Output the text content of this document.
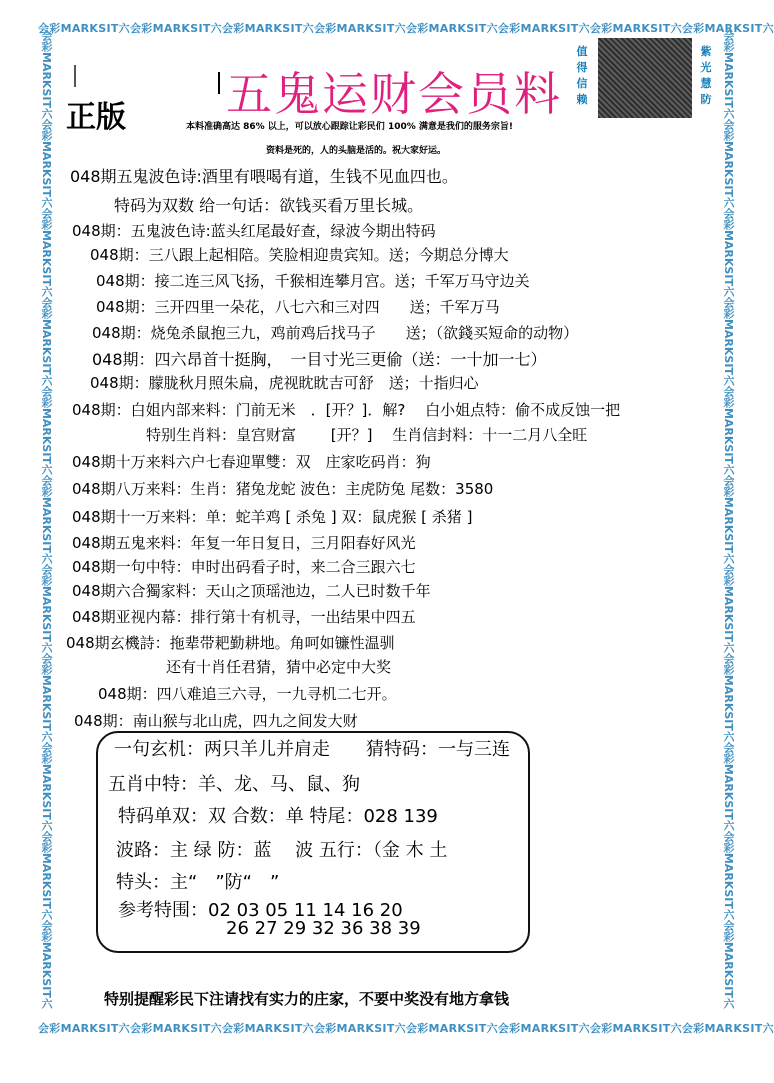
会彩MARKSIT六会彩MARKSIT六会彩MARKSIT六会彩MARKSIT六会彩MARKSIT六会彩MARKSIT六会彩MARKSIT六会彩MARKSIT六
会彩MARKSIT六会彩MARKSIT六会彩MARKSIT六会彩MARKSIT六会彩MARKSIT六会彩MARKSIT六会彩MARKSIT六会彩MARKSIT六
会彩MARKSIT六会彩MARKSIT六会彩MARKSIT六会彩MARKSIT六会彩MARKSIT六会彩MARKSIT六会彩MARKSIT六会彩MARKSIT六会彩MARKSIT六会彩MARKSIT六会彩MARKSIT六
会彩MARKSIT六会彩MARKSIT六会彩MARKSIT六会彩MARKSIT六会彩MARKSIT六会彩MARKSIT六会彩MARKSIT六会彩MARKSIT六会彩MARKSIT六会彩MARKSIT六会彩MARKSIT六
五鬼运财会员料
正版
值得信赖
紫光慧防
本料准确高达 86% 以上，可以放心跟踪让彩民们 100% 满意是我们的服务宗旨!
资料是死的，人的头脑是活的。祝大家好运。
048期五鬼波色诗:酒里有喂喝有道，生钱不见血四也。
特码为双数 给一句话：欲钱买看万里长城。
048期：五鬼波色诗:蓝头红尾最好查，绿波今期出特码
048期：三八跟上起相陪。笑脸相迎贵宾知。送；今期总分博大
048期：接二连三风飞扬，千猴相连攀月宫。送；千军万马守边关
048期：三开四里一朵花，八七六和三对四　　送；千军万马
048期：烧兔杀鼠抱三九，鸡前鸡后找马子　　送；（欲錢买短命的动物）
048期：四六昂首十挺胸，　一目寸光三更偷（送：一十加一七）
048期：朦胧秋月照朱扁，虎视眈眈吉可舒　送；十指归心
048期：白姐内部来料：门前无米　．[开？]．解?　 白小姐点特：偷不成反蚀一把
特别生肖料：皇宫财富　　 [开？]　 生肖信封料：十一二月八全旺
048期十万来料六户七春迎單雙：双　庄家吃码肖：狗
048期八万来料：生肖：猪兔龙蛇 波色：主虎防兔 尾数：3580
048期十一万来料：单：蛇羊鸡 [ 杀兔 ] 双：鼠虎猴 [ 杀猪 ]
048期五鬼来料：年复一年日复日，三月阳春好风光
048期一句中特：申时出码看子时，来二合三跟六七
048期六合獨家料：天山之顶瑶池边，二人已时数千年
048期亚视内幕：排行第十有机寻，一出结果中四五
048期玄機詩：拖辈带耙勤耕地。角呵如镰性温驯
还有十肖任君猜，猜中必定中大奖
048期：四八难追三六寻，一九寻机二七开。
048期：南山猴与北山虎，四九之间发大财
一句玄机：两只羊儿并肩走　　猜特码：一与三连
五肖中特：羊、龙、马、鼠、狗
特码单双：双 合数：单 特尾：028 139
波路：主 绿 防：蓝　 波 五行：（金 木 土
特头：主“　”防“　”
参考特围：02 03 05 11 14 16 20
26 27 29 32 36 38 39
特别提醒彩民下注请找有实力的庄家，不要中奖没有地方拿钱
